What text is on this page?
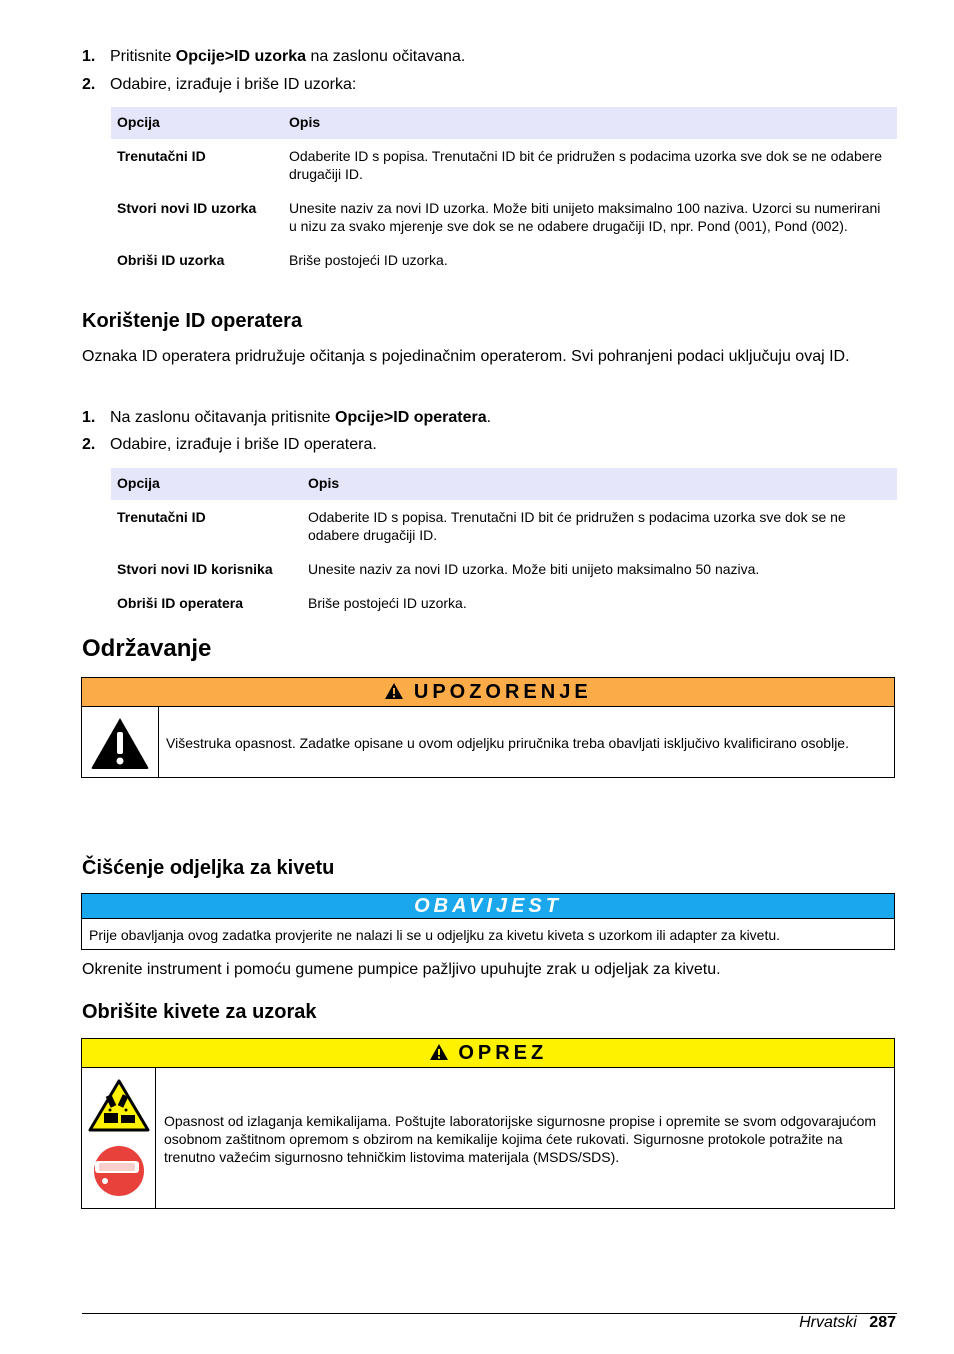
1. Pritisnite Opcije>ID uzorka na zaslonu očitavana.
2. Odabire, izrađuje i briše ID uzorka:
Opcija	Opis
Trenutačni ID	Odaberite ID s popisa. Trenutačni ID bit će pridružen s podacima uzorka sve dok se ne odabere drugačiji ID.
Stvori novi ID uzorka	Unesite naziv za novi ID uzorka. Može biti unijeto maksimalno 100 naziva. Uzorci su numerirani u nizu za svako mjerenje sve dok se ne odabere drugačiji ID, npr. Pond (001), Pond (002).
Obriši ID uzorka	Briše postojeći ID uzorka.
Korištenje ID operatera

Oznaka ID operatera pridružuje očitanja s pojedinačnim operaterom. Svi pohranjeni podaci uključuju ovaj ID.

1. Na zaslonu očitavanja pritisnite Opcije>ID operatera.
2. Odabire, izrađuje i briše ID operatera.
Opcija	Opis
Trenutačni ID	Odaberite ID s popisa. Trenutačni ID bit će pridružen s podacima uzorka sve dok se ne odabere drugačiji ID.
Stvori novi ID korisnika	Unesite naziv za novi ID uzorka. Može biti unijeto maksimalno 50 naziva.
Obriši ID operatera	Briše postojeći ID uzorka.
Održavanje
UPOZORENJE
Višestruka opasnost. Zadatke opisane u ovom odjeljku priručnika treba obavljati isključivo kvalificirano osoblje.
Čišćenje odjeljka za kivetu
OBAVIJEST
Prije obavljanja ovog zadatka provjerite ne nalazi li se u odjeljku za kivetu kiveta s uzorkom ili adapter za kivetu.

Okrenite instrument i pomoću gumene pumpice pažljivo upuhujte zrak u odjeljak za kivetu.

Obrišite kivete za uzorak
OPREZ
Opasnost od izlaganja kemikalijama. Poštujte laboratorijske sigurnosne propise i opremite se svom odgovarajućom osobnom zaštitnom opremom s obzirom na kemikalije kojima ćete rukovati. Sigurnosne protokole potražite na trenutno važećim sigurnosno tehničkim listovima materijala (MSDS/SDS).
Hrvatski 287
